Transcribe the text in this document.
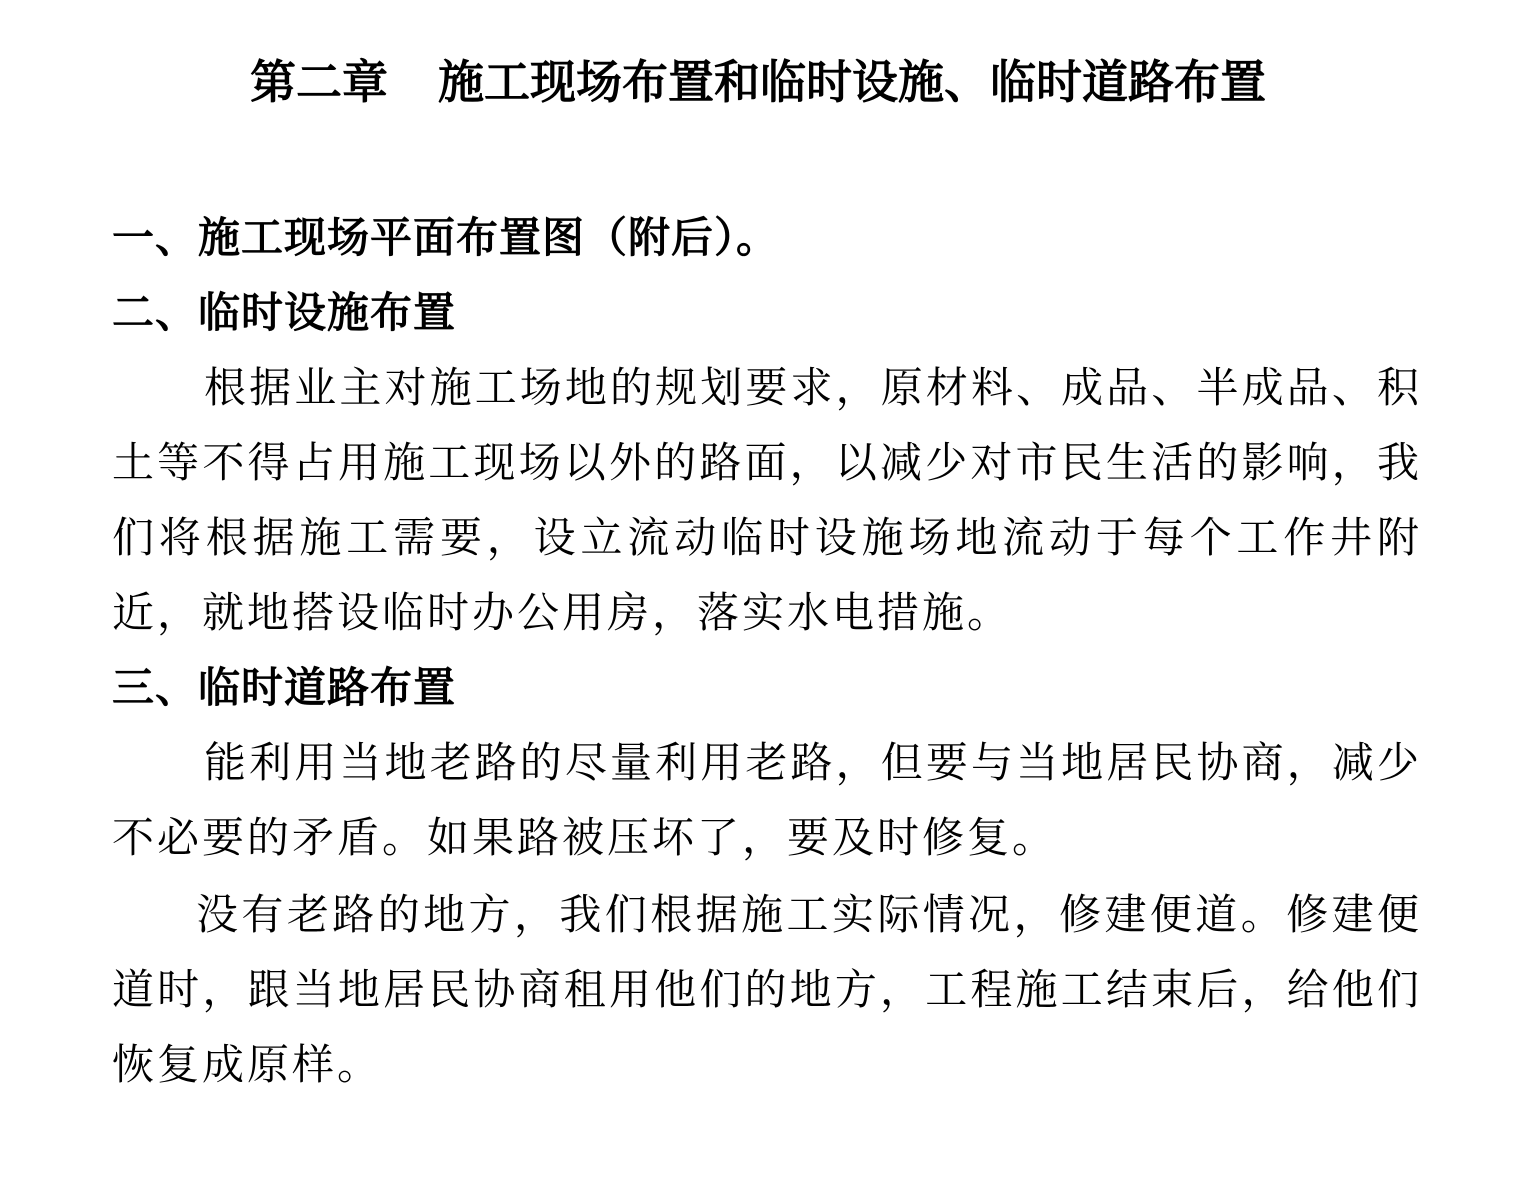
第二章 施工现场布置和临时设施、临时道路布置
一、施工现场平面布置图（附后）。
二、临时设施布置

根据业主对施工场地的规划要求，原材料、成品、半成品、积土等不得占用施工现场以外的路面，以减少对市民生活的影响，我们将根据施工需要，设立流动临时设施场地流动于每个工作井附近，就地搭设临时办公用房，落实水电措施。

三、临时道路布置

能利用当地老路的尽量利用老路，但要与当地居民协商，减少不必要的矛盾。如果路被压坏了，要及时修复。

没有老路的地方，我们根据施工实际情况，修建便道。修建便道时，跟当地居民协商租用他们的地方，工程施工结束后，给他们恢复成原样。
